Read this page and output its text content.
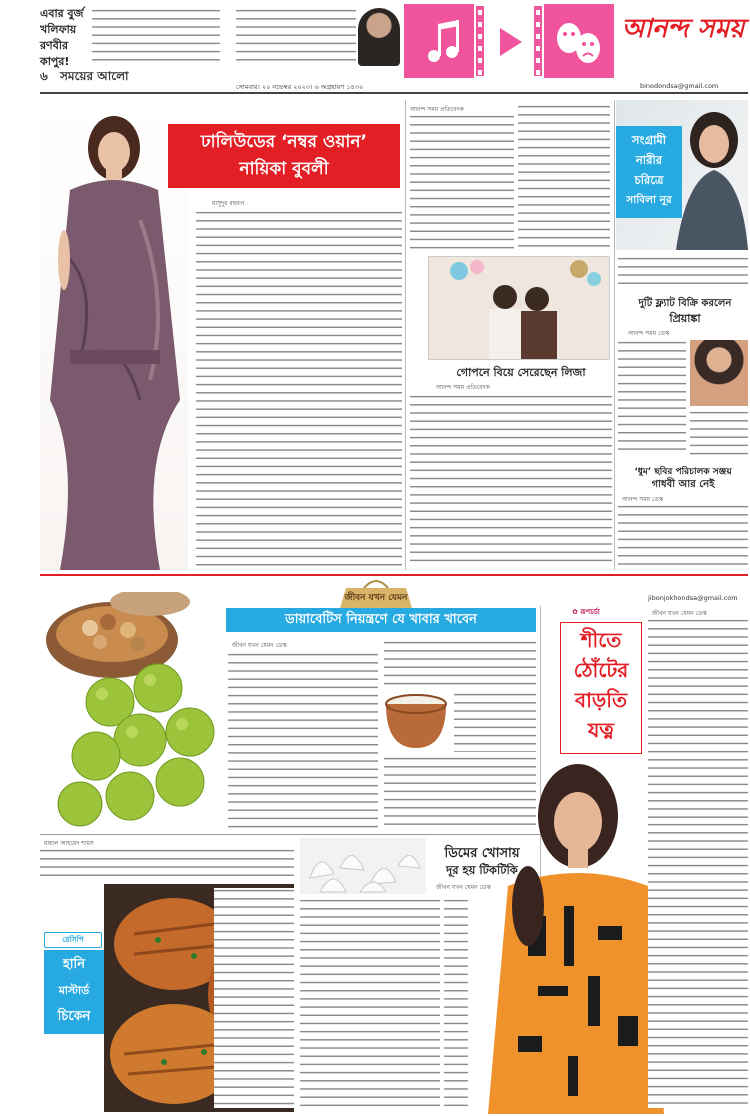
এবার বুর্জ খলিফায় রণবীর কাপুর!
আনন্দ সময়
৬ সময়ের আলো
সোমবার। ২০ নভেম্বর ২০২৩। ৬ অগ্রহায়ণ ১৪৩০	binodondsa@gmail.com
ঢালিউডের ‘নম্বর ওয়ান’
নায়িকা বুবলী
মাসুদুর রহমান
আনন্দ সময় প্রতিবেদক
গোপনে বিয়ে সেরেছেন লিজা
আনন্দ সময় প্রতিবেদক
সংগ্রামী
নারীর
চরিত্রে
সাবিলা নূর
দুটি ফ্ল্যাট বিক্রি করলেন
প্রিয়াঙ্কা
আনন্দ সময় ডেস্ক
‘ধুম’ ছবির পরিচালক সঞ্জয়
গাধবী আর নেই
আনন্দ সময় ডেস্ক
জীবন যখন যেমন	jibonjokhondsa@gmail.com
ডায়াবেটিস নিয়ন্ত্রণে যে খাবার খাবেন
জীবন যখন যেমন ডেস্ক
✿ রূপচর্চা
শীতে
ঠোঁটের
বাড়তি
যত্ন
জীবন যখন যেমন ডেস্ক
ডিমের খোসায়
দূর হয় টিকটিকি
জীবন যখন যেমন ডেস্ক
মাহাল আহমেদ শামস
রেসিপি
হানি
মাস্টার্ড
চিকেন
